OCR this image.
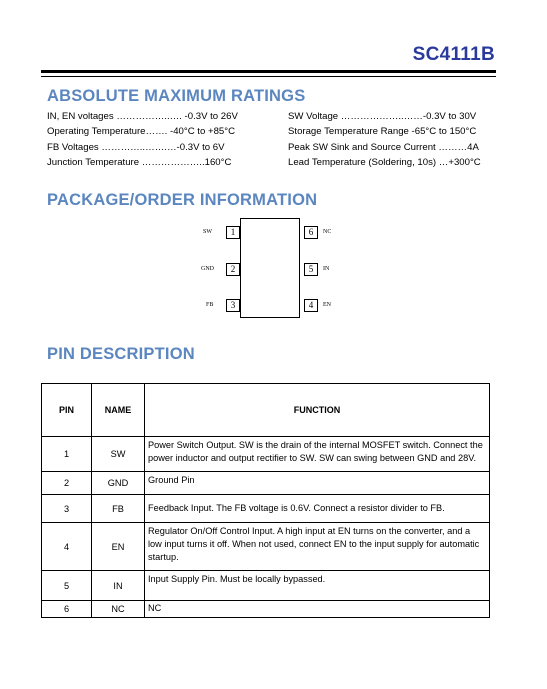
SC4111B
ABSOLUTE MAXIMUM RATINGS
IN, EN voltages ……………..…. -0.3V to 26V
Operating Temperature……. -40°C to +85°C
FB Voltages …………..…….…-0.3V to 6V
Junction Temperature ………………..160°C
SW Voltage ………………..……-0.3V to 30V
Storage Temperature Range -65°C to 150°C
Peak SW Sink and Source Current ………4A
Lead Temperature (Soldering, 10s) …+300°C
PACKAGE/ORDER INFORMATION
SW	1
GND	2
FB	3
6	NC
5	IN
4	EN
PIN DESCRIPTION
PIN	NAME	FUNCTION
1	SW	Power Switch Output. SW is the drain of the internal MOSFET switch. Connect the power inductor and output rectifier to SW. SW can swing between GND and 28V.
2	GND	Ground Pin
3	FB	Feedback Input. The FB voltage is 0.6V. Connect a resistor divider to FB.
4	EN	Regulator On/Off Control Input. A high input at EN turns on the converter, and a low input turns it off. When not used, connect EN to the input supply for automatic startup.
5	IN	Input Supply Pin. Must be locally bypassed.
6	NC	NC
